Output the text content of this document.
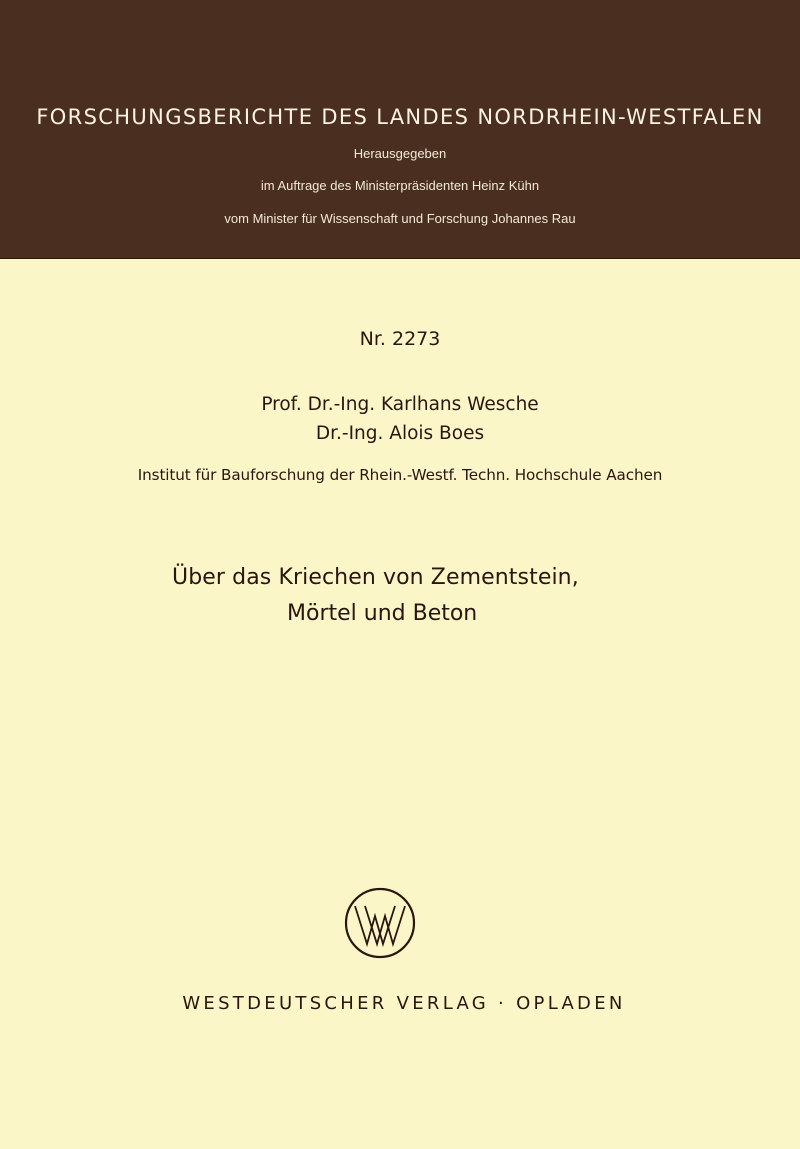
FORSCHUNGSBERICHTE DES LANDES NORDRHEIN-WESTFALEN
Herausgegeben
im Auftrage des Ministerpräsidenten Heinz Kühn
vom Minister für Wissenschaft und Forschung Johannes Rau
Nr. 2273
Prof. Dr.-Ing. Karlhans Wesche
Dr.-Ing. Alois Boes
Institut für Bauforschung der Rhein.-Westf. Techn. Hochschule Aachen
Über das Kriechen von Zementstein,
Mörtel und Beton
WESTDEUTSCHER VERLAG · OPLADEN
